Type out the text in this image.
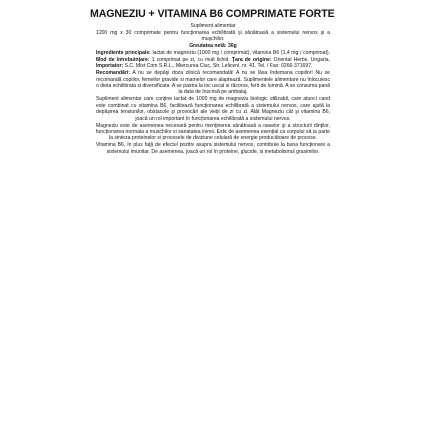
MAGNEZIU + VITAMINA B6 COMPRIMATE FORTE

Supliment alimentar

1200 mg x 30 comprimate pentru funcţionarea echilibrată şi sănătoasă a sistemului nervos şi a muşchilor.

Greutatea netă: 36g

Ingrediente principale: lactat de magneziu (1000 mg / comprimat), vitamina B6 (1,4 mg / comprimat). Mod de întrebuinţare: 1 comprimat pe zi, cu mult lichid. Ţara de origine: Oriental Herbs, Ungaria. Importator: S.C. Mixt Com S.R.L., Miercurea Ciuc, Str. Leliceni, nr. 41. Tel. / Fax: 0266-371697.

Recomandări: A nu se depăşi doza zilnică recomandată! A nu se lăsa îndemana copiilor! Nu se recomandă copiilor, femeilor gravide si mamelor care alaptează. Suplimentele alimentare nu înlocuiesc o dieta echilibrata si diversificata. A se pastra la loc uscat si răcoros, ferit de lumină. A se consuma pană la data de înscrisă pe ambalaj.

Supliment alimentar care conţine lactat de 1000 mg de magneziu biologic utilizabil, care atunci cand este combinat cu vitamina B6, facilitează funcţionarea echilibrată a sistemului nervos, care ajută la depăşirea tensiunilor, obstacole şi provocări ale vieţii de zi cu zi. Atât Magneziu cât şi vitamina B6, joacă un rol important în funcţionarea echilibrată a sistemului nervos.

Magneziu este de asemenea necesară pentru menţinerea sănătoasă a oaselor şi a structurii dinţilor, funcţionarea normala a muschilor si sanatatea inimii. Este de asemenea esenţial ca corpului să ia parte la sinteza proteinelor si procesele de diviziune celulară de energie producătoare de procese.

Vitamina B6, în plus faţă de efectul pozitiv asupra sistemului nervos, contribuie la buna funcţionare a sistemului imunitar. De asemenea, joacă un rol în proteine, glucide, si metabolismul grasimilor.
